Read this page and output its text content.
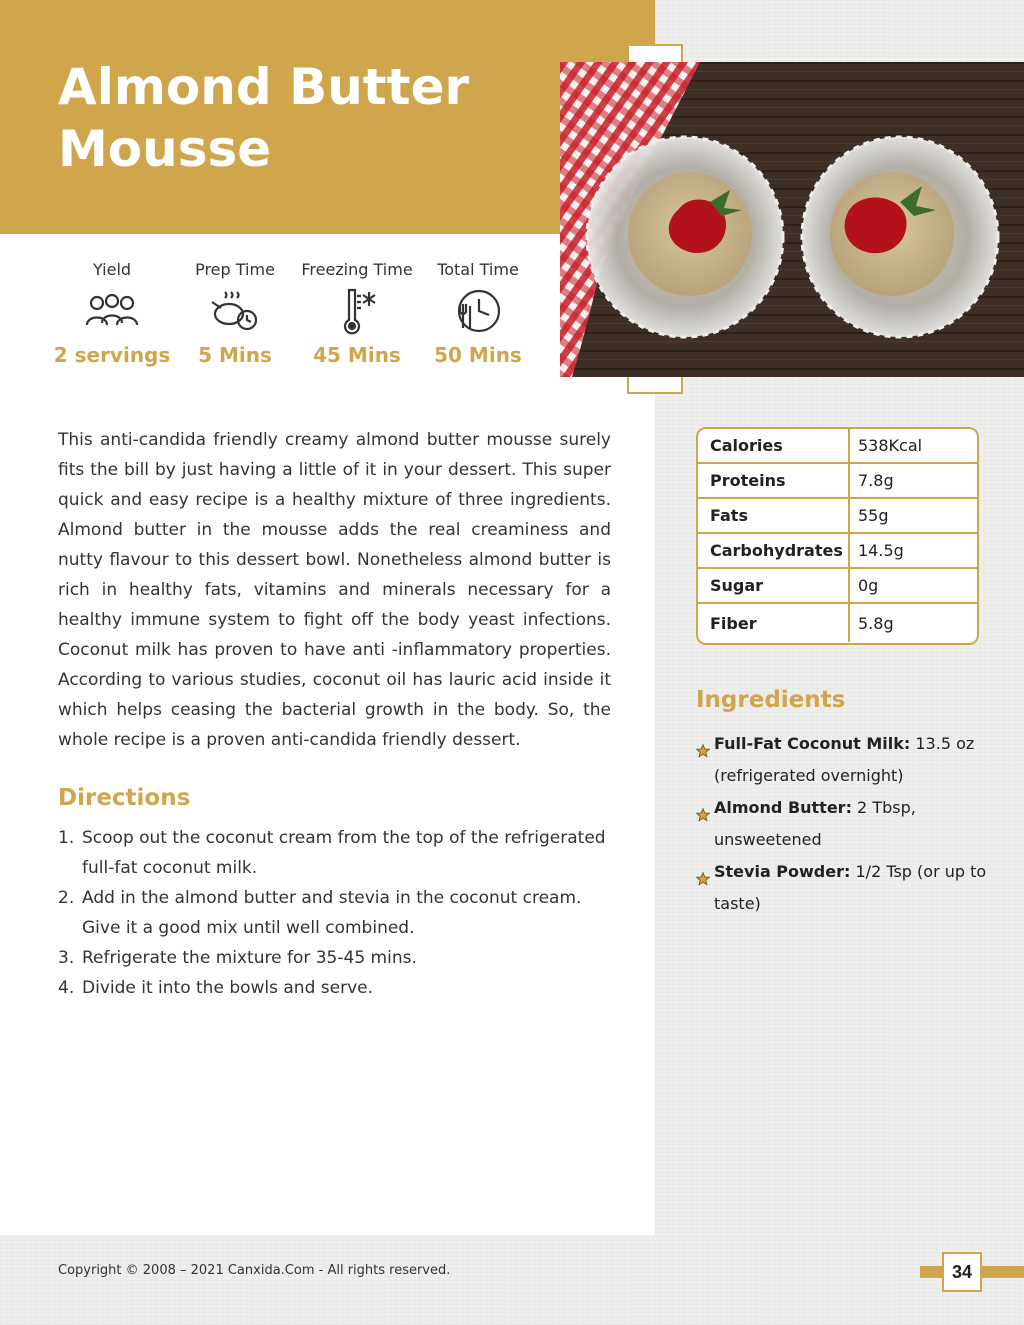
Almond Butter Mousse
Yield
2 servings
Prep Time
5 Mins
Freezing Time
45 Mins
Total Time
50 Mins

This anti-candida friendly creamy almond butter mousse surely fits the bill by just having a little of it in your dessert. This super quick and easy recipe is a healthy mixture of three ingredients. Almond butter in the mousse adds the real creaminess and nutty flavour to this dessert bowl. Nonetheless almond butter is rich in healthy fats, vitamins and minerals necessary for a healthy immune system to fight off the body yeast infections. Coconut milk has proven to have anti -inflammatory properties. According to various studies, coconut oil has lauric acid inside it which helps ceasing the bacterial growth in the body. So, the whole recipe is a proven anti-candida friendly dessert.

Directions
1. Scoop out the coconut cream from the top of the refrigerated full-fat coconut milk.
2. Add in the almond butter and stevia in the coconut cream. Give it a good mix until well combined.
3. Refrigerate the mixture for 35-45 mins.
4. Divide it into the bowls and serve.
Calories	538Kcal
Proteins	7.8g
Fats	55g
Carbohydrates 14.5g
Sugar	0g
Fiber	5.8g
Ingredients
Full-Fat Coconut Milk: 13.5 oz (refrigerated overnight)
Almond Butter: 2 Tbsp, unsweetened
Stevia Powder: 1/2 Tsp (or up to taste)
Copyright © 2008 – 2021 Canxida.Com - All rights reserved.	34
